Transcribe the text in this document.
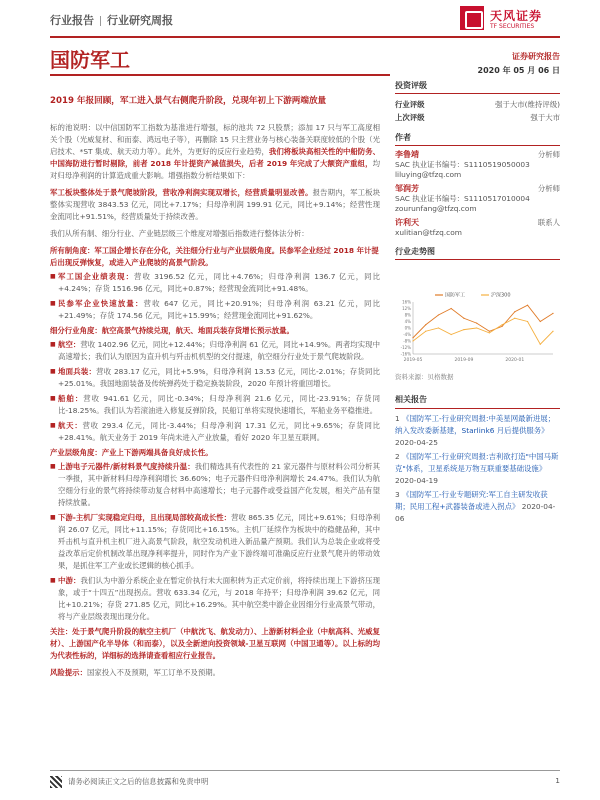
行业报告 行业研究周报	天风证券
TF SECURITIES
国防军工	证券研究报告
2020 年 05 月 06 日
2019 年报回顾，军工进入景气右侧爬升阶段，兑现年初上下游两端放量

标的池说明：以中信国防军工指数为基准进行增强，标的池共 72 只股票；添加 17 只与军工高度相关个股（光威复材、和而泰、鸿远电子等），再删除 15 只主营业务与核心装备关联度较低的个股（光启技术、*ST 集成、航天动力等）。此外，为更好的反应行业趋势，我们将板块高相关性的中船防务、中国海防进行暂时剔除，前者 2018 年计提资产减值损失，后者 2019 年完成了大额资产重组，均对归母净利润的计算造成重大影响。增强指数分析结果如下：

军工板块整体处于景气爬坡阶段，营收净利润实现双增长，经营质量明显改善。报告期内，军工板块整体实现营收 3843.53 亿元，同比+7.17%；归母净利润 199.91 亿元，同比+9.14%；经营性现金流同比+91.51%，经营质量处于持续改善。

我们从所有制、细分行业、产业链层级三个维度对增强后指数进行整体法分析：

所有制角度：军工国企增长存在分化，关注细分行业与产业层级角度。民参军企业经过 2018 年计提后出现反弹恢复，或进入产业爬坡的高景气阶段。
■ 军工国企业绩表现：营收 3196.52 亿元，同比+4.76%；归母净利润 136.7 亿元，同比+4.24%；存货 1516.96 亿元，同比+0.87%；经营现金流同比+91.48%。
■ 民参军企业快速放量：营收 647 亿元，同比+20.91%；归母净利润 63.21 亿元，同比+21.49%；存货 174.56 亿元，同比+15.99%；经营现金流同比+91.62%。
细分行业角度：航空高景气持续兑现，航天、地面兵装存货增长预示放量。
■ 航空：营收 1402.96 亿元，同比+12.44%；归母净利润 61 亿元，同比+14.9%。两者均实现中高速增长；我们认为原因为直升机与歼击机机型的交付提速，航空细分行业处于景气爬坡阶段。
■ 地面兵装：营收 283.17 亿元，同比+5.9%，归母净利润 13.53 亿元，同比-2.01%；存货同比+25.01%。我国地面装备及传统弹药处于稳定换装阶段，2020 年预计将重回增长。
■ 船舶：营收 941.61 亿元，同比-0.34%；归母净利润 21.6 亿元，同比-23.91%；存货同比-18.25%。我们认为若滚油进入修复反弹阶段，民船订单将实现快速增长，军船业务平稳推进。
■ 航天：营收 293.4 亿元，同比-3.44%；归母净利润 17.31 亿元，同比+9.65%；存货同比+28.41%。航天业务于 2019 年尚未进入产业放量，看好 2020 年卫星互联网。
产业层级角度：产业上下游两端具备良好成长性。
■ 上游电子元器件/新材料景气度持续升温：我们精选具有代表性的 21 家元器件与原材料公司分析其一季报，其中新材料归母净利润增长 36.60%；电子元器件归母净利润增长 24.47%。我们认为航空细分行业的景气将持续带动复合材料中高速增长；电子元器件或受益国产化发展，相关产品有望持续放量。
■ 下游-主机厂实现稳定归母，且出现局部较高成长性：营收 865.35 亿元，同比+9.61%；归母净利润 26.07 亿元，同比+11.15%；存货同比+16.15%。主机厂延续作为板块中的稳健品种，其中歼击机与直升机主机厂进入高景气阶段，航空发动机进入新品量产预期。我们认为总装企业或将受益改革后定价机制改革出现净利率提升，同时作为产业下游终端可准确反应行业景气爬升的带动效果，是抓住军工产业或长逻辑的核心抓手。
■ 中游：我们认为中游分系统企业在暂定价执行未大面积转为正式定价前，将持续出现上下游挤压现象，或于“十四五”出现拐点。营收 633.34 亿元，与 2018 年持平；归母净利润 39.62 亿元，同比+10.21%；存货 271.85 亿元，同比+16.29%。其中航空类中游企业因细分行业高景气带动，将与产业层级表现出现分化。

关注：处于景气爬升阶段的航空主机厂（中航沈飞、航发动力）、上游新材料企业（中航高科、光威复材）、上游国产化半导体（和而泰），以及全新逆向投资领域-卫星互联网（中国卫通等）。以上标的均为代表性标的，详细标的选择请查看相应行业报告。

风险提示：国家投入不及预期，军工订单不及预期。

投资评级
行业评级	强于大市(维持评级)
上次评级	强于大市
作者
李鲁靖	分析师
SAC 执业证书编号：S1110519050003
liluying@tfzq.com
邹润芳	分析师
SAC 执业证书编号：S1110517010004
zourunfang@tfzq.com
许利天	联系人
xulitian@tfzq.com
行业走势图
16%
12%
8%
4%
0%
-4%
-8%
-12%
-16%
2019-05	2019-09	2020-01
国防军工	沪深300
资料来源：贝格数据
相关报告
1 《国防军工-行业研究周报:中美星网最新进展；纳入发改委新基建，Starlink6 月后提供服务》 2020-04-25
2 《国防军工-行业研究周报:吉利欲打造"中国马斯克"体系，卫星系统是万物互联重要基础设施》 2020-04-19
3 《国防军工-行业专题研究:军工自主研发收获期；民用工程+武器装备或进入拐点》 2020-04-06
请务必阅读正文之后的信息披露和免责申明	1
